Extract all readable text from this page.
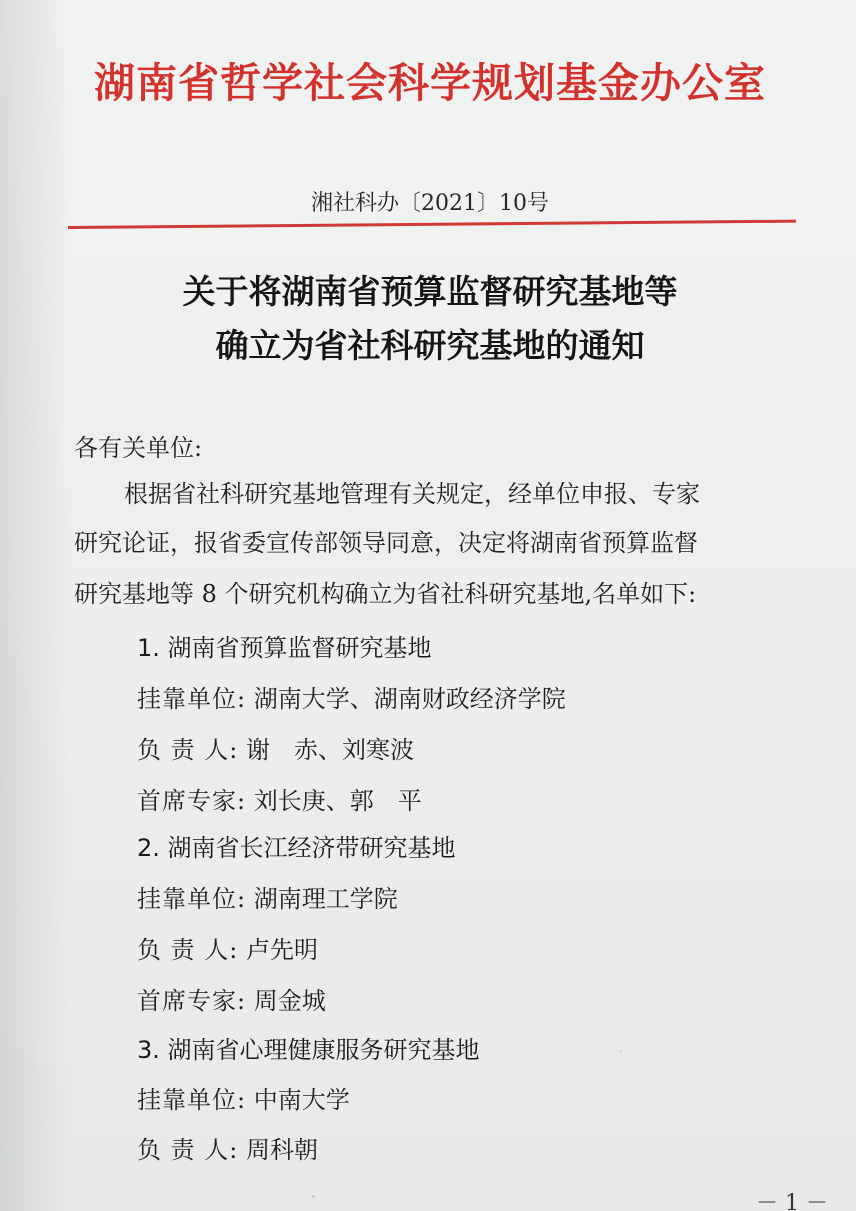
湖南省哲学社会科学规划基金办公室
湘社科办〔2021〕10号
关于将湖南省预算监督研究基地等
确立为省社科研究基地的通知
各有关单位:
根据省社科研究基地管理有关规定，经单位申报、专家
研究论证，报省委宣传部领导同意，决定将湖南省预算监督
研究基地等 8 个研究机构确立为省社科研究基地,名单如下:
1. 湖南省预算监督研究基地
挂靠单位: 湖南大学、湖南财政经济学院
负 责 人: 谢　赤、刘寒波
首席专家: 刘长庚、郭　平
2. 湖南省长江经济带研究基地
挂靠单位: 湖南理工学院
负 责 人: 卢先明
首席专家: 周金城
3. 湖南省心理健康服务研究基地
挂靠单位: 中南大学
负 责 人: 周科朝
－ 1 －
